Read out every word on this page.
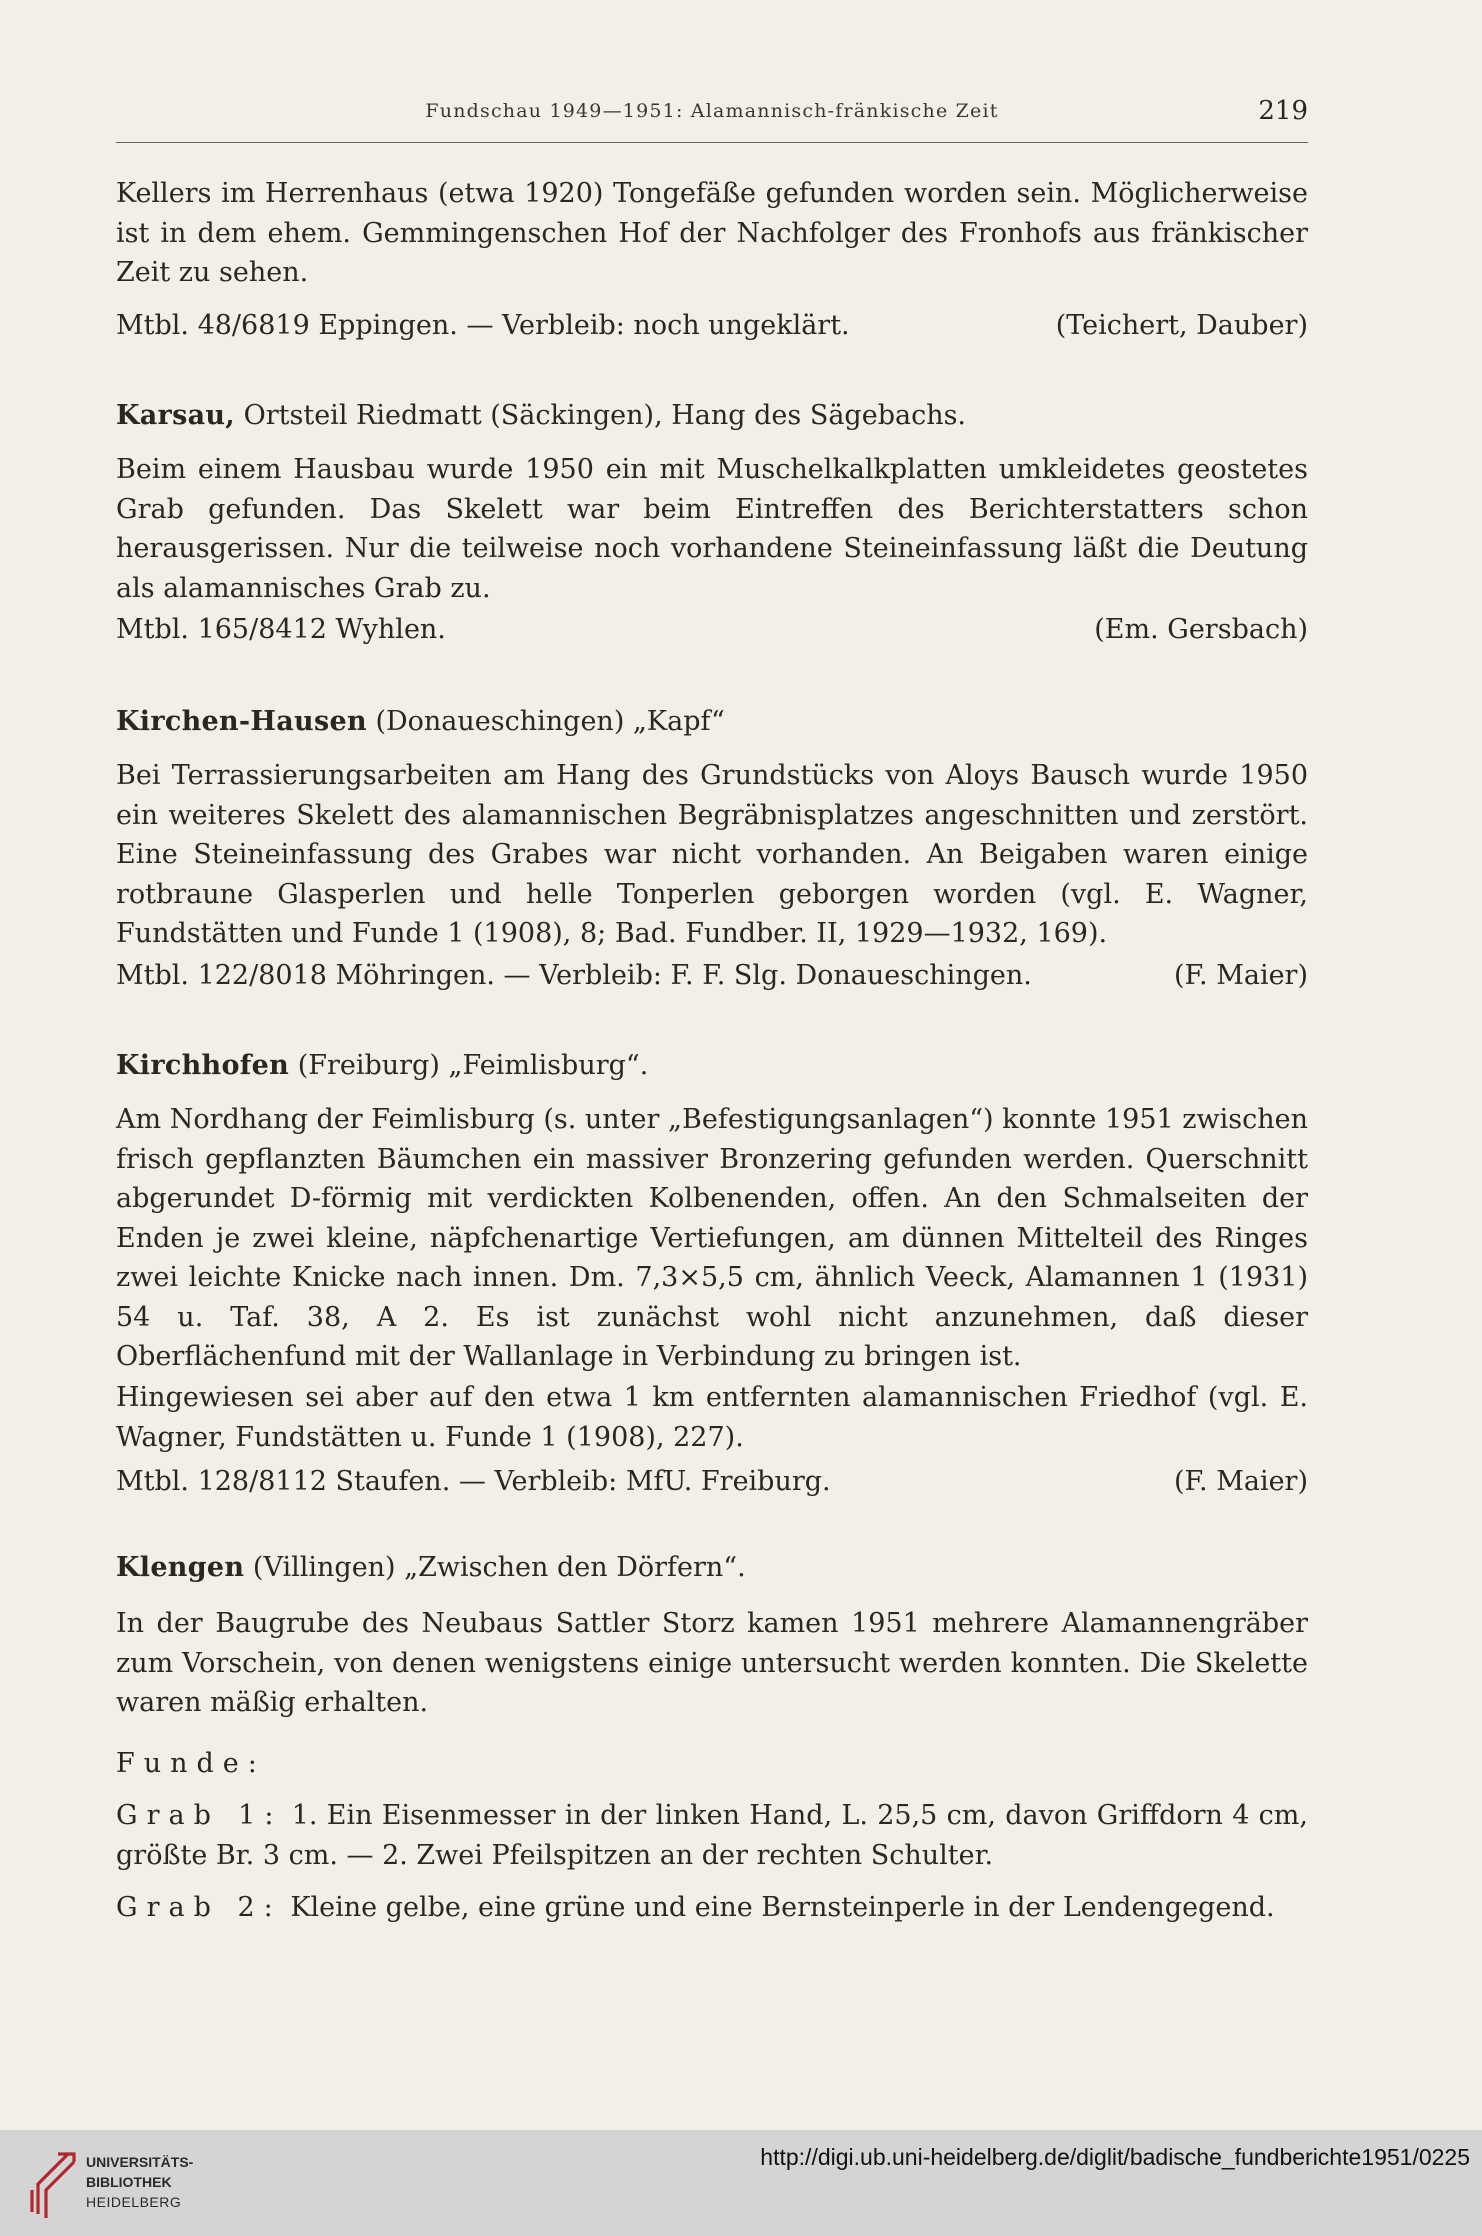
Fundschau 1949—1951: Alamannisch-fränkische Zeit	219

Kellers im Herrenhaus (etwa 1920) Tongefäße gefunden worden sein. Möglicherweise ist in dem ehem. Gemmingenschen Hof der Nachfolger des Fronhofs aus fränkischer Zeit zu sehen.

Mtbl. 48/6819 Eppingen. — Verbleib: noch ungeklärt.	(Teichert, Dauber)
Karsau, Ortsteil Riedmatt (Säckingen), Hang des Sägebachs.

Beim einem Hausbau wurde 1950 ein mit Muschelkalkplatten umkleidetes geostetes Grab gefunden. Das Skelett war beim Eintreffen des Berichterstatters schon herausgerissen. Nur die teilweise noch vorhandene Steineinfassung läßt die Deutung als alamannisches Grab zu.

Mtbl. 165/8412 Wyhlen.	(Em. Gersbach)
Kirchen-Hausen (Donaueschingen) „Kapf“

Bei Terrassierungsarbeiten am Hang des Grundstücks von Aloys Bausch wurde 1950 ein weiteres Skelett des alamannischen Begräbnisplatzes angeschnitten und zerstört. Eine Steineinfassung des Grabes war nicht vorhanden. An Beigaben waren einige rotbraune Glasperlen und helle Tonperlen geborgen worden (vgl. E. Wagner, Fundstätten und Funde 1 (1908), 8; Bad. Fundber. II, 1929—1932, 169).

Mtbl. 122/8018 Möhringen. — Verbleib: F. F. Slg. Donaueschingen.	(F. Maier)
Kirchhofen (Freiburg) „Feimlisburg“.

Am Nordhang der Feimlisburg (s. unter „Befestigungsanlagen“) konnte 1951 zwischen frisch gepflanzten Bäumchen ein massiver Bronzering gefunden werden. Querschnitt abgerundet D-förmig mit verdickten Kolbenenden, offen. An den Schmalseiten der Enden je zwei kleine, näpfchenartige Vertiefungen, am dünnen Mittelteil des Ringes zwei leichte Knicke nach innen. Dm. 7,3×5,5 cm, ähnlich Veeck, Alamannen 1 (1931) 54 u. Taf. 38, A 2. Es ist zunächst wohl nicht anzunehmen, daß dieser Oberflächenfund mit der Wallanlage in Verbindung zu bringen ist.

Hingewiesen sei aber auf den etwa 1 km entfernten alamannischen Friedhof (vgl. E. Wagner, Fundstätten u. Funde 1 (1908), 227).

Mtbl. 128/8112 Staufen. — Verbleib: MfU. Freiburg.	(F. Maier)
Klengen (Villingen) „Zwischen den Dörfern“.

In der Baugrube des Neubaus Sattler Storz kamen 1951 mehrere Alamannengräber zum Vorschein, von denen wenigstens einige untersucht werden konnten. Die Skelette waren mäßig erhalten.

Funde:

Grab 1: 1. Ein Eisenmesser in der linken Hand, L. 25,5 cm, davon Griffdorn 4 cm, größte Br. 3 cm. — 2. Zwei Pfeilspitzen an der rechten Schulter.

Grab 2: Kleine gelbe, eine grüne und eine Bernsteinperle in der Lendengegend.

UNIVERSITÄTS-
BIBLIOTHEK
HEIDELBERG
http://digi.ub.uni-heidelberg.de/diglit/badische_fundberichte1951/0225
